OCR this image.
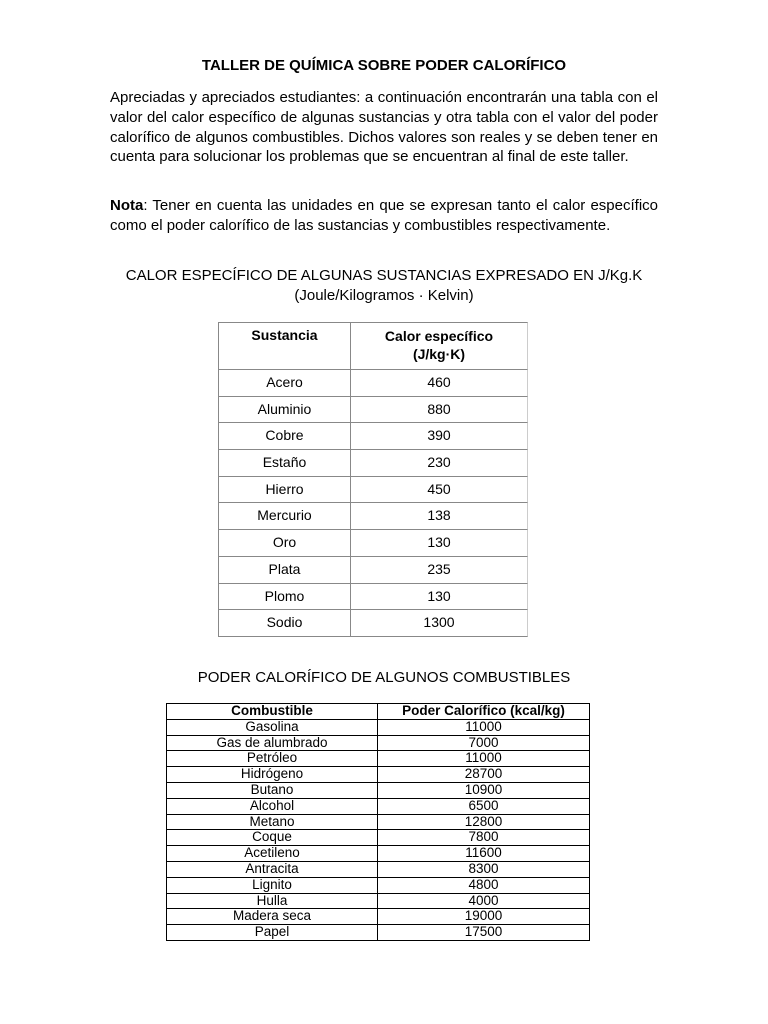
TALLER DE QUÍMICA SOBRE PODER CALORÍFICO
Apreciadas y apreciados estudiantes: a continuación encontrarán una tabla con el valor del calor específico de algunas sustancias y otra tabla con el valor del poder calorífico de algunos combustibles. Dichos valores son reales y se deben tener en cuenta para solucionar los problemas que se encuentran al final de este taller.
Nota: Tener en cuenta las unidades en que se expresan tanto el calor específico como el poder calorífico de las sustancias y combustibles respectivamente.
CALOR ESPECÍFICO DE ALGUNAS SUSTANCIAS EXPRESADO EN J/Kg.K
(Joule/Kilogramos · Kelvin)
Sustancia	Calor específico
(J/kg·K)
Acero	460
Aluminio	880
Cobre	390
Estaño	230
Hierro	450
Mercurio	138
Oro	130
Plata	235
Plomo	130
Sodio	1300
PODER CALORÍFICO DE ALGUNOS COMBUSTIBLES
Combustible	Poder Calorífico (kcal/kg)
Gasolina	11000
Gas de alumbrado	7000
Petróleo	11000
Hidrógeno	28700
Butano	10900
Alcohol	6500
Metano	12800
Coque	7800
Acetileno	11600
Antracita	8300
Lignito	4800
Hulla	4000
Madera seca	19000
Papel	17500
